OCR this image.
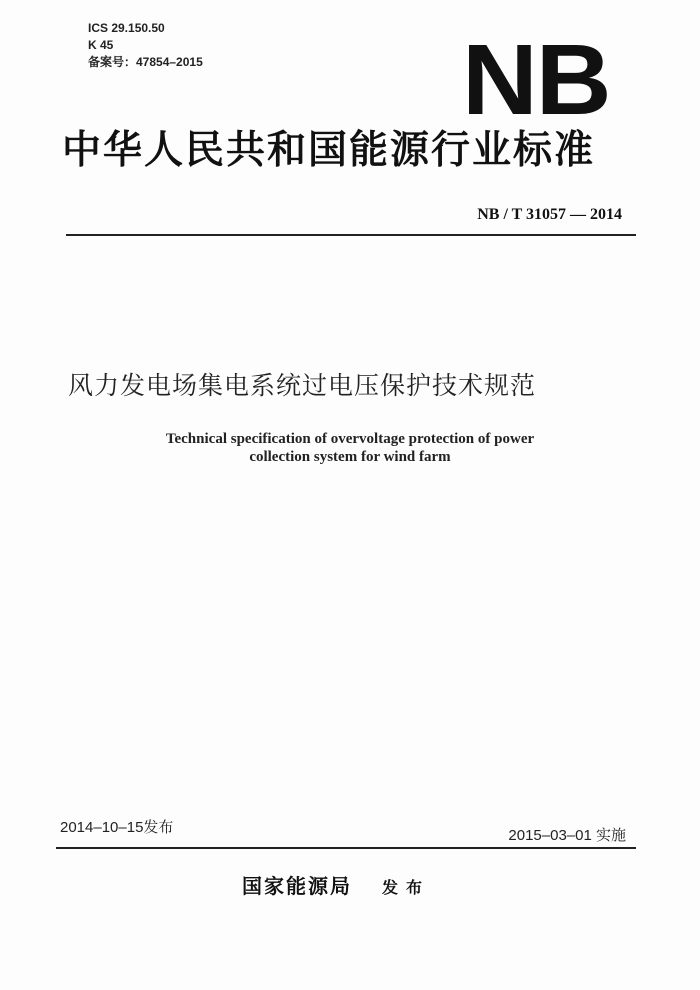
ICS 29.150.50
K 45
备案号：47854–2015	NB
中华人民共和国能源行业标准
NB / T 31057 — 2014
风力发电场集电系统过电压保护技术规范
Technical specification of overvoltage protection of power
collection system for wind farm
2014–10–15发布	2015–03–01 实施
国家能源局 发布
